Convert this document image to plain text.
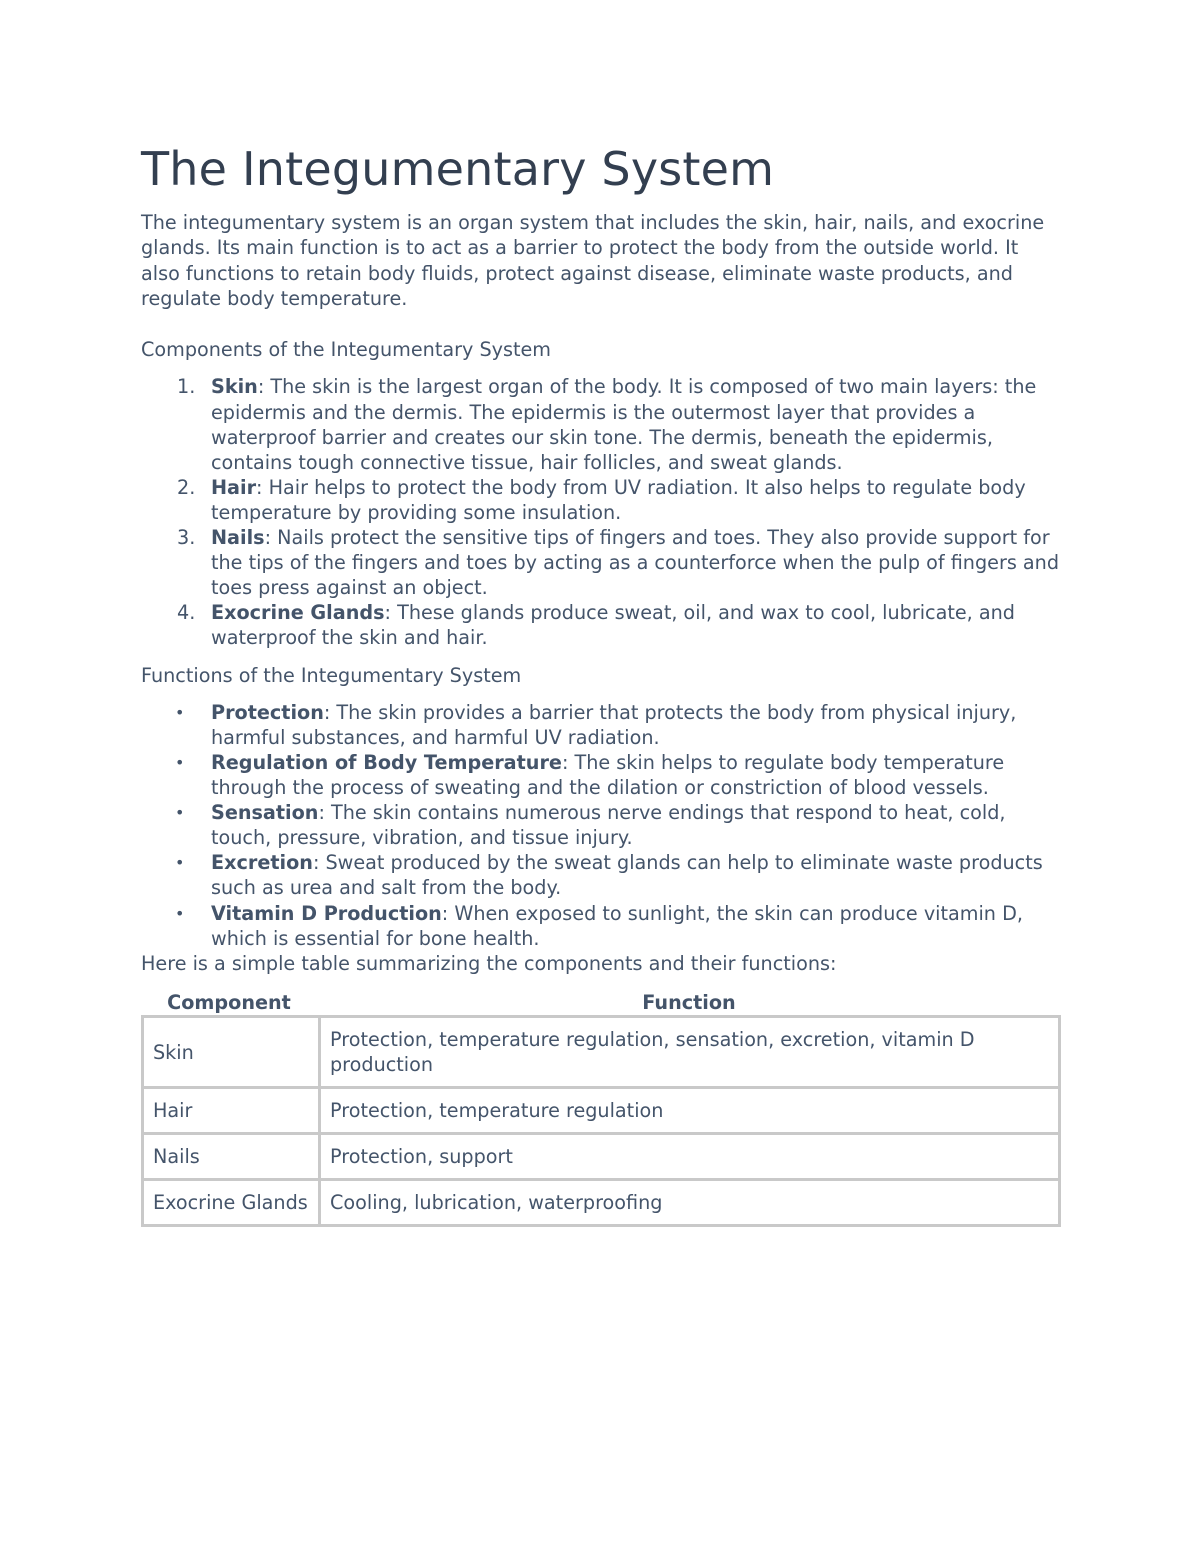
The Integumentary System

The integumentary system is an organ system that includes the skin, hair, nails, and exocrine glands. Its main function is to act as a barrier to protect the body from the outside world. It also functions to retain body fluids, protect against disease, eliminate waste products, and regulate body temperature.

Components of the Integumentary System

1. Skin: The skin is the largest organ of the body. It is composed of two main layers: the epidermis and the dermis. The epidermis is the outermost layer that provides a waterproof barrier and creates our skin tone. The dermis, beneath the epidermis, contains tough connective tissue, hair follicles, and sweat glands.
2. Hair: Hair helps to protect the body from UV radiation. It also helps to regulate body temperature by providing some insulation.
3. Nails: Nails protect the sensitive tips of fingers and toes. They also provide support for the tips of the fingers and toes by acting as a counterforce when the pulp of fingers and toes press against an object.
4. Exocrine Glands: These glands produce sweat, oil, and wax to cool, lubricate, and waterproof the skin and hair.

Functions of the Integumentary System

• Protection: The skin provides a barrier that protects the body from physical injury, harmful substances, and harmful UV radiation.
• Regulation of Body Temperature: The skin helps to regulate body temperature through the process of sweating and the dilation or constriction of blood vessels.
• Sensation: The skin contains numerous nerve endings that respond to heat, cold, touch, pressure, vibration, and tissue injury.
• Excretion: Sweat produced by the sweat glands can help to eliminate waste products such as urea and salt from the body.
• Vitamin D Production: When exposed to sunlight, the skin can produce vitamin D, which is essential for bone health.

Here is a simple table summarizing the components and their functions:

Component	Function
Skin	Protection, temperature regulation, sensation, excretion, vitamin D production
Hair	Protection, temperature regulation
Nails	Protection, support
Exocrine Glands	Cooling, lubrication, waterproofing
